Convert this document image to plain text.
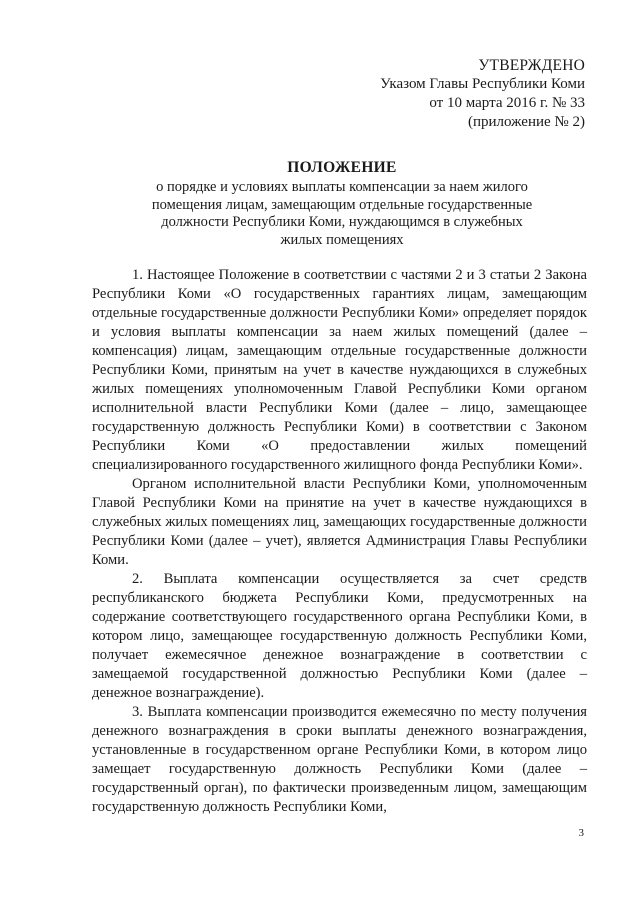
УТВЕРЖДЕНО
Указом Главы Республики Коми
от 10 марта 2016 г. № 33
(приложение № 2)
ПОЛОЖЕНИЕ
о порядке и условиях выплаты компенсации за наем жилого
помещения лицам, замещающим отдельные государственные
должности Республики Коми, нуждающимся в служебных
жилых помещениях

1. Настоящее Положение в соответствии с частями 2 и 3 статьи 2 Закона Республики Коми «О государственных гарантиях лицам, замещающим отдельные государственные должности Республики Коми» определяет порядок и условия выплаты компенсации за наем жилых помещений (далее – компенсация) лицам, замещающим отдельные государственные должности Республики Коми, принятым на учет в качестве нуждающихся в служебных жилых помещениях уполномоченным Главой Республики Коми органом исполнительной власти Республики Коми (далее – лицо, замещающее государственную должность Республики Коми) в соответствии с Законом Республики Коми «О предоставлении жилых помещений специализированного государственного жилищного фонда Республики Коми».

Органом исполнительной власти Республики Коми, уполномоченным Главой Республики Коми на принятие на учет в качестве нуждающихся в служебных жилых помещениях лиц, замещающих государственные должности Республики Коми (далее – учет), является Администрация Главы Республики Коми.

2. Выплата компенсации осуществляется за счет средств республиканского бюджета Республики Коми, предусмотренных на содержание соответствующего государственного органа Республики Коми, в котором лицо, замещающее государственную должность Республики Коми, получает ежемесячное денежное вознаграждение в соответствии с замещаемой государственной должностью Республики Коми (далее – денежное вознаграждение).

3. Выплата компенсации производится ежемесячно по месту получения денежного вознаграждения в сроки выплаты денежного вознаграждения, установленные в государственном органе Республики Коми, в котором лицо замещает государственную должность Республики Коми (далее – государственный орган), по фактически произведенным лицом, замещающим государственную должность Республики Коми,

3
